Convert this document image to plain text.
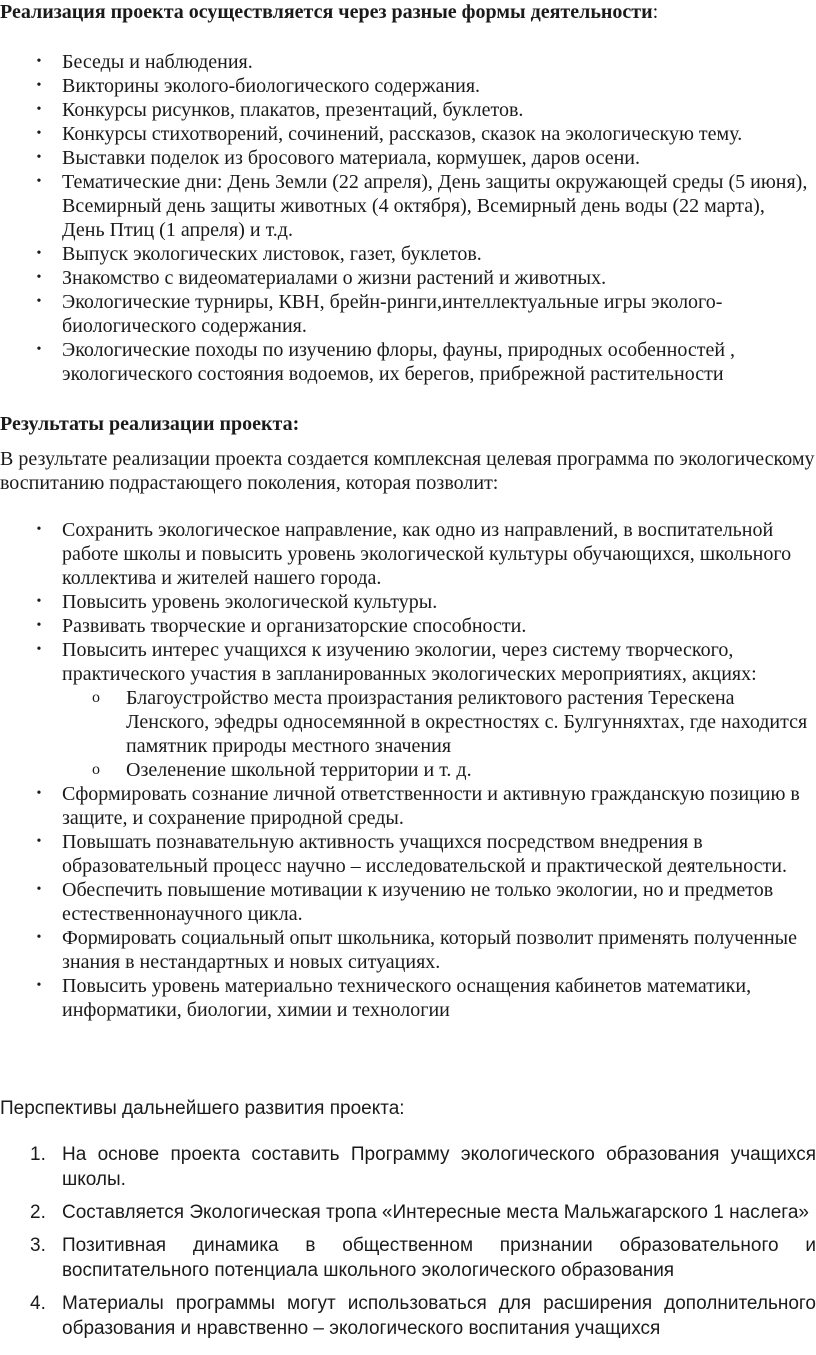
Реализация проекта осуществляется через разные формы деятельности:
• Беседы и наблюдения.
• Викторины эколого-биологического содержания.
• Конкурсы рисунков, плакатов, презентаций, буклетов.
• Конкурсы стихотворений, сочинений, рассказов, сказок на экологическую тему.
• Выставки поделок из бросового материала, кормушек, даров осени.
• Тематические дни: День Земли (22 апреля), День защиты окружающей среды (5 июня), Всемирный день защиты животных (4 октября), Всемирный день воды (22 марта), День Птиц (1 апреля) и т.д.
• Выпуск экологических листовок, газет, буклетов.
• Знакомство с видеоматериалами о жизни растений и животных.
• Экологические турниры, КВН, брейн-ринги,интеллектуальные игры эколого-биологического содержания.
• Экологические походы по изучению флоры, фауны, природных особенностей , экологического состояния водоемов, их берегов, прибрежной растительности
Результаты реализации проекта:
В результате реализации проекта создается комплексная целевая программа по экологическому воспитанию подрастающего поколения, которая позволит:
• Сохранить экологическое направление, как одно из направлений, в воспитательной работе школы и повысить уровень экологической культуры обучающихся, школьного коллектива и жителей нашего города.
• Повысить уровень экологической культуры.
• Развивать творческие и организаторские способности.
• Повысить интерес учащихся к изучению экологии, через систему творческого, практического участия в запланированных экологических мероприятиях, акциях:
o Благоустройство места произрастания реликтового растения Терескена Ленского, эфедры односемянной в окрестностях с. Булгунняхтах, где находится памятник природы местного значения
o Озеленение школьной территории и т. д.
• Сформировать сознание личной ответственности и активную гражданскую позицию в защите, и сохранение природной среды.
• Повышать познавательную активность учащихся посредством внедрения в образовательный процесс научно – исследовательской и практической деятельности.
• Обеспечить повышение мотивации к изучению не только экологии, но и предметов естественнонаучного цикла.
• Формировать социальный опыт школьника, который позволит применять полученные знания в нестандартных и новых ситуациях.
• Повысить уровень материально технического оснащения кабинетов математики, информатики, биологии, химии и технологии
Перспективы дальнейшего развития проекта:
1. На основе проекта составить Программу экологического образования учащихся школы.
2. Составляется Экологическая тропа «Интересные места Мальжагарского 1 наслега»
3. Позитивная динамика в общественном признании образовательного и воспитательного потенциала школьного экологического образования
4. Материалы программы могут использоваться для расширения дополнительного образования и нравственно – экологического воспитания учащихся
